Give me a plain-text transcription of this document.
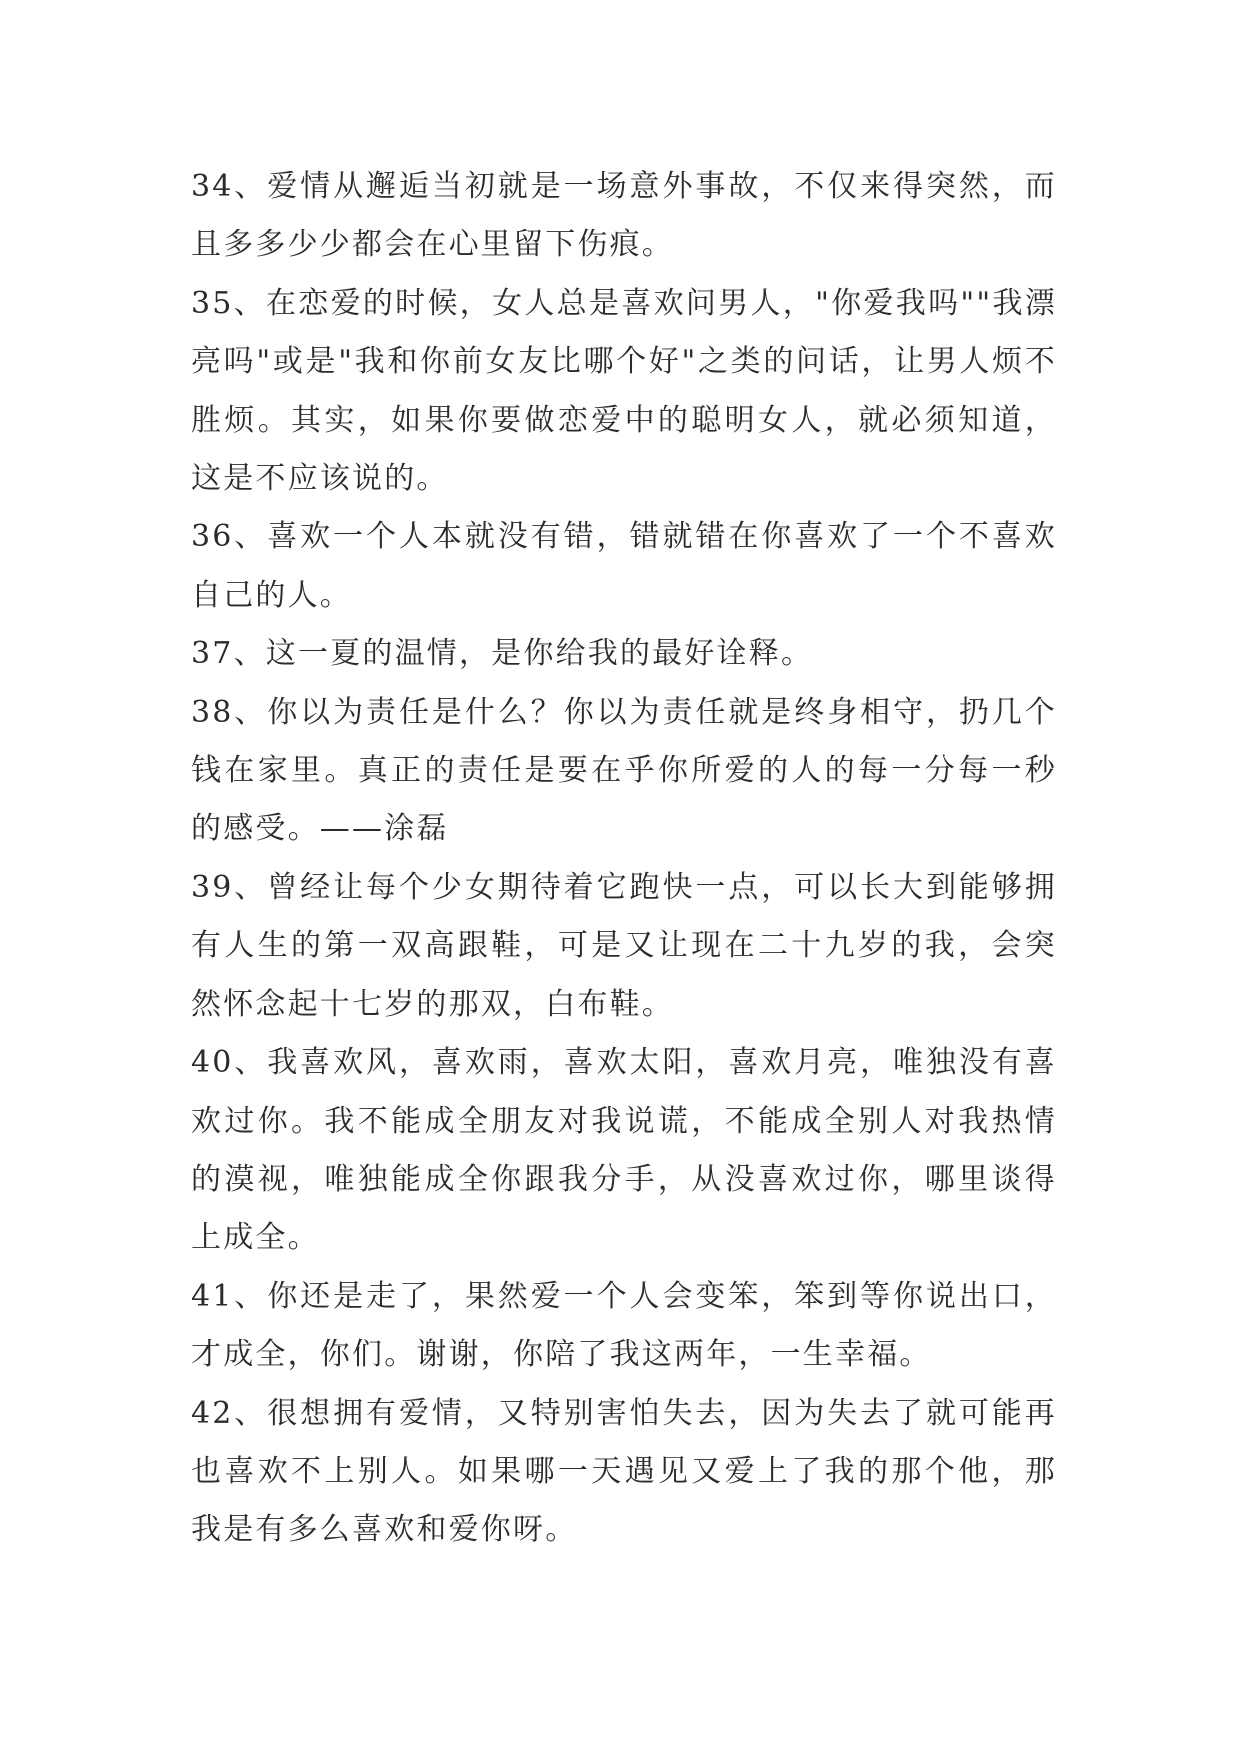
34、爱情从邂逅当初就是一场意外事故，不仅来得突然，而且多多少少都会在心里留下伤痕。

35、在恋爱的时候，女人总是喜欢问男人，"你爱我吗""我漂亮吗"或是"我和你前女友比哪个好"之类的问话，让男人烦不胜烦。其实，如果你要做恋爱中的聪明女人，就必须知道，这是不应该说的。

36、喜欢一个人本就没有错，错就错在你喜欢了一个不喜欢自己的人。

37、这一夏的温情，是你给我的最好诠释。

38、你以为责任是什么？你以为责任就是终身相守，扔几个钱在家里。真正的责任是要在乎你所爱的人的每一分每一秒的感受。——涂磊

39、曾经让每个少女期待着它跑快一点，可以长大到能够拥有人生的第一双高跟鞋，可是又让现在二十九岁的我，会突然怀念起十七岁的那双，白布鞋。

40、我喜欢风，喜欢雨，喜欢太阳，喜欢月亮，唯独没有喜欢过你。我不能成全朋友对我说谎，不能成全别人对我热情的漠视，唯独能成全你跟我分手，从没喜欢过你，哪里谈得上成全。

41、你还是走了，果然爱一个人会变笨，笨到等你说出口，才成全，你们。谢谢，你陪了我这两年，一生幸福。

42、很想拥有爱情，又特别害怕失去，因为失去了就可能再也喜欢不上别人。如果哪一天遇见又爱上了我的那个他，那我是有多么喜欢和爱你呀。
